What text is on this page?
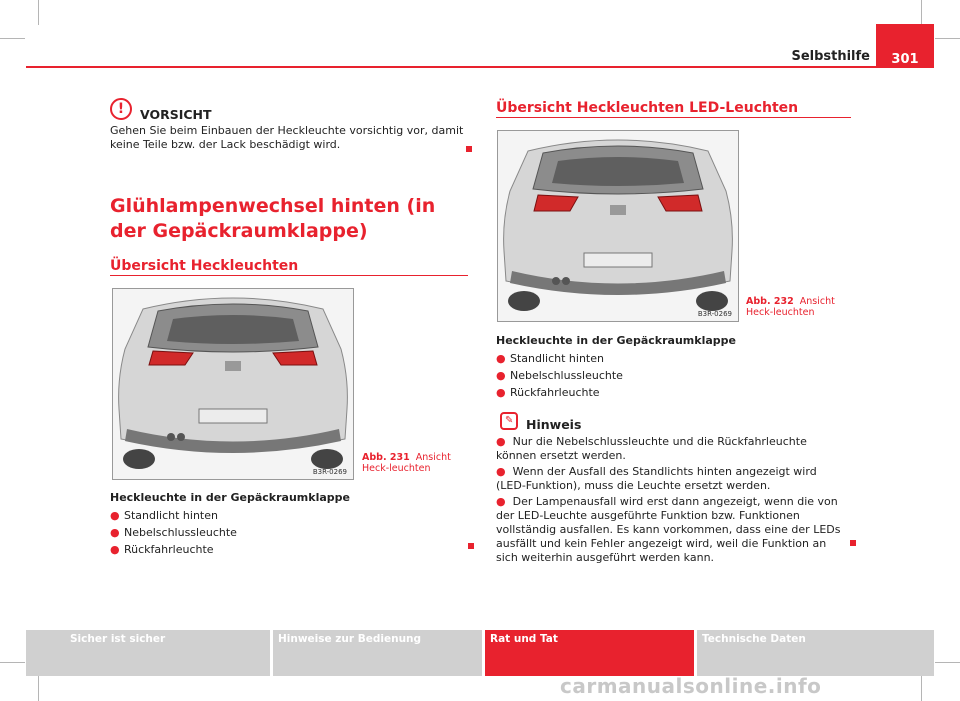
Selbsthilfe	301
!	VORSICHT
Gehen Sie beim Einbauen der Heckleuchte vorsichtig vor, damit keine Teile bzw. der Lack beschädigt wird.
Glühlampenwechsel hinten (in der Gepäckraumklappe)
Übersicht Heckleuchten
B3R-0269
Abb. 231 Ansicht Heck-leuchten
Heckleuchte in der Gepäckraumklappe
● Standlicht hinten
● Nebelschlussleuchte
● Rückfahrleuchte
Übersicht Heckleuchten LED-Leuchten
B3R-0269
Abb. 232 Ansicht Heck-leuchten
Heckleuchte in der Gepäckraumklappe
● Standlicht hinten
● Nebelschlussleuchte
● Rückfahrleuchte
✎ Hinweis
● Nur die Nebelschlussleuchte und die Rückfahrleuchte können ersetzt werden.
● Wenn der Ausfall des Standlichts hinten angezeigt wird (LED-Funktion), muss die Leuchte ersetzt werden.
● Der Lampenausfall wird erst dann angezeigt, wenn die von der LED-Leuchte ausgeführte Funktion bzw. Funktionen vollständig ausfallen. Es kann vorkommen, dass eine der LEDs ausfällt und kein Fehler angezeigt wird, weil die Funktion an sich weiterhin ausgeführt werden kann.
Sicher ist sicher	Hinweise zur Bedienung	Rat und Tat	Technische Daten
carmanualsonline.info
